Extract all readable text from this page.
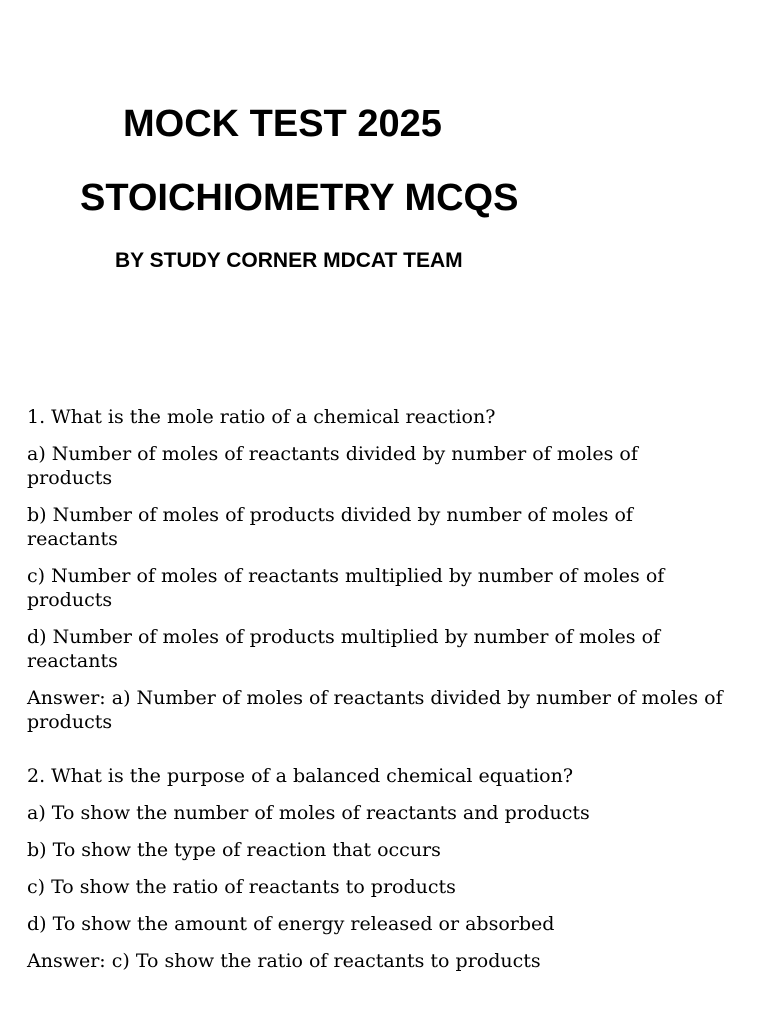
MOCK TEST 2025
STOICHIOMETRY MCQS

BY STUDY CORNER MDCAT TEAM

1. What is the mole ratio of a chemical reaction?

a) Number of moles of reactants divided by number of moles of products

b) Number of moles of products divided by number of moles of reactants

c) Number of moles of reactants multiplied by number of moles of products

d) Number of moles of products multiplied by number of moles of reactants

Answer: a) Number of moles of reactants divided by number of moles of products

2. What is the purpose of a balanced chemical equation?

a) To show the number of moles of reactants and products

b) To show the type of reaction that occurs

c) To show the ratio of reactants to products

d) To show the amount of energy released or absorbed

Answer: c) To show the ratio of reactants to products
